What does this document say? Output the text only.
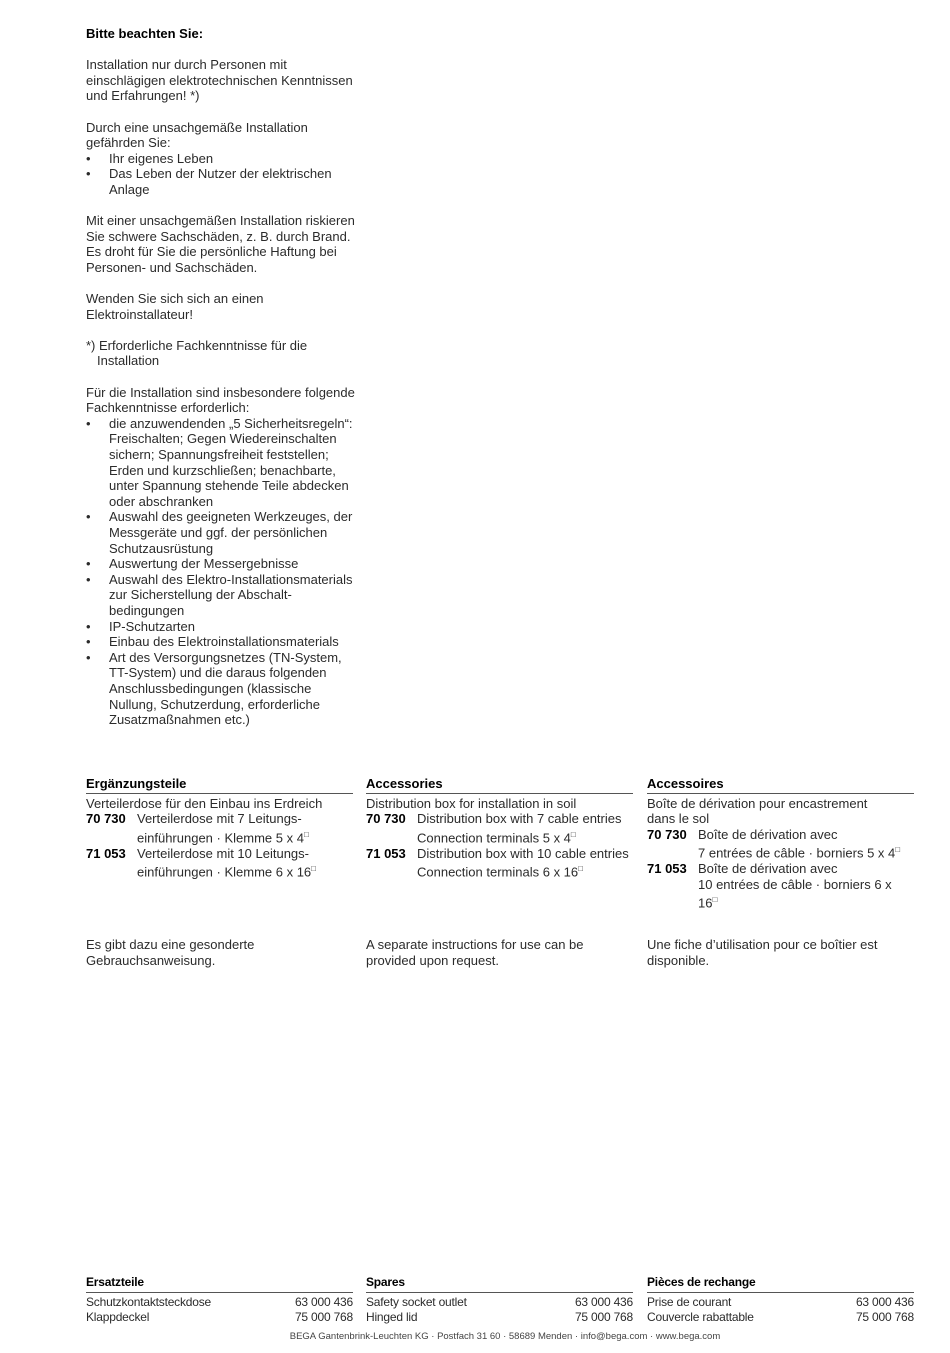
Bitte beachten Sie:

Installation nur durch Personen mit einschlägigen elektrotechnischen Kenntnissen und Erfahrungen! *)

Durch eine unsachgemäße Installation gefährden Sie:

• Ihr eigenes Leben
• Das Leben der Nutzer der elektrischen Anlage

Mit einer unsachgemäßen Installation riskieren Sie schwere Sachschäden, z. B. durch Brand. Es droht für Sie die persönliche Haftung bei Personen- und Sachschäden.

Wenden Sie sich sich an einen Elektroinstallateur!

*) Erforderliche Fachkenntnisse für die Installation

Für die Installation sind insbesondere folgende Fachkenntnisse erforderlich:

• die anzuwendenden „5 Sicherheitsregeln“: Freischalten; Gegen Wiedereinschalten sichern; Spannungsfreiheit feststellen; Erden und kurzschließen; benachbarte, unter Spannung stehende Teile abdecken oder abschranken
• Auswahl des geeigneten Werkzeuges, der Messgeräte und ggf. der persönlichen Schutzausrüstung
• Auswertung der Messergebnisse
• Auswahl des Elektro-Installationsmaterials zur Sicherstellung der Abschalt-bedingungen
• IP-Schutzarten
• Einbau des Elektroinstallationsmaterials
• Art des Versorgungsnetzes (TN-System, TT-System) und die daraus folgenden Anschlussbedingungen (klassische Nullung, Schutzerdung, erforderliche Zusatzmaßnahmen etc.)
Ergänzungsteile

Verteilerdose für den Einbau ins Erdreich

70 730 Verteilerdose mit 7 Leitungs-
einführungen · Klemme 5 x 4□
71 053 Verteilerdose mit 10 Leitungs-
einführungen · Klemme 6 x 16□
Accessories

Distribution box for installation in soil

70 730 Distribution box with 7 cable entries
Connection terminals 5 x 4□
71 053 Distribution box with 10 cable entries
Connection terminals 6 x 16□
Accessoires

Boîte de dérivation pour encastrement dans le sol

70 730 Boîte de dérivation avec
7 entrées de câble · borniers 5 x 4□
71 053 Boîte de dérivation avec
10 entrées de câble · borniers 6 x 16□

Es gibt dazu eine gesonderte Gebrauchsanweisung.

A separate instructions for use can be provided upon request.

Une fiche d’utilisation pour ce boîtier est disponible.

Ersatzteile
Schutzkontaktsteckdose	63 000 436
Klappdeckel	75 000 768
Spares
Safety socket outlet	63 000 436
Hinged lid	75 000 768
Pièces de rechange
Prise de courant	63 000 436
Couvercle rabattable	75 000 768
BEGA Gantenbrink-Leuchten KG · Postfach 31 60 · 58689 Menden · info@bega.com · www.bega.com
